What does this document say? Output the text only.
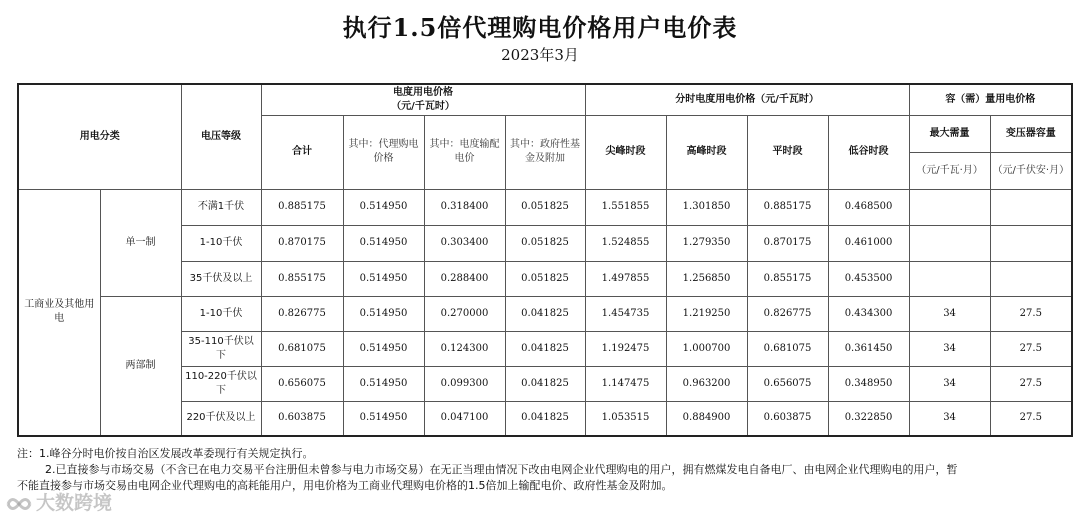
执行1.5倍代理购电价格用户电价表
2023年3月
用电分类		电压等级	电度用电价格
（元/千瓦时）				分时电度用电价格（元/千瓦时）				容（需）量用电价格	
			合计	其中：代理购电价格	其中：电度输配电价	其中：政府性基金及附加	尖峰时段	高峰时段	平时段	低谷时段	最大需量	变压器容量
											（元/千瓦·月）	（元/千伏安·月）
工商业及其他用电	单一制	不满1千伏	0.885175	0.514950	0.318400	0.051825	1.551855	1.301850	0.885175	0.468500		
		1-10千伏	0.870175	0.514950	0.303400	0.051825	1.524855	1.279350	0.870175	0.461000		
		35千伏及以上	0.855175	0.514950	0.288400	0.051825	1.497855	1.256850	0.855175	0.453500		
	两部制	1-10千伏	0.826775	0.514950	0.270000	0.041825	1.454735	1.219250	0.826775	0.434300	34	27.5
		35-110千伏以下	0.681075	0.514950	0.124300	0.041825	1.192475	1.000700	0.681075	0.361450	34	27.5
		110-220千伏以下	0.656075	0.514950	0.099300	0.041825	1.147475	0.963200	0.656075	0.348950	34	27.5
		220千伏及以上	0.603875	0.514950	0.047100	0.041825	1.053515	0.884900	0.603875	0.322850	34	27.5
注：1.峰谷分时电价按自治区发展改革委现行有关规定执行。
2.已直接参与市场交易（不含已在电力交易平台注册但未曾参与电力市场交易）在无正当理由情况下改由电网企业代理购电的用户，拥有燃煤发电自备电厂、由电网企业代理购电的用户，暂
不能直接参与市场交易由电网企业代理购电的高耗能用户，用电价格为工商业代理购电价格的1.5倍加上输配电价、政府性基金及附加。
大数跨境
